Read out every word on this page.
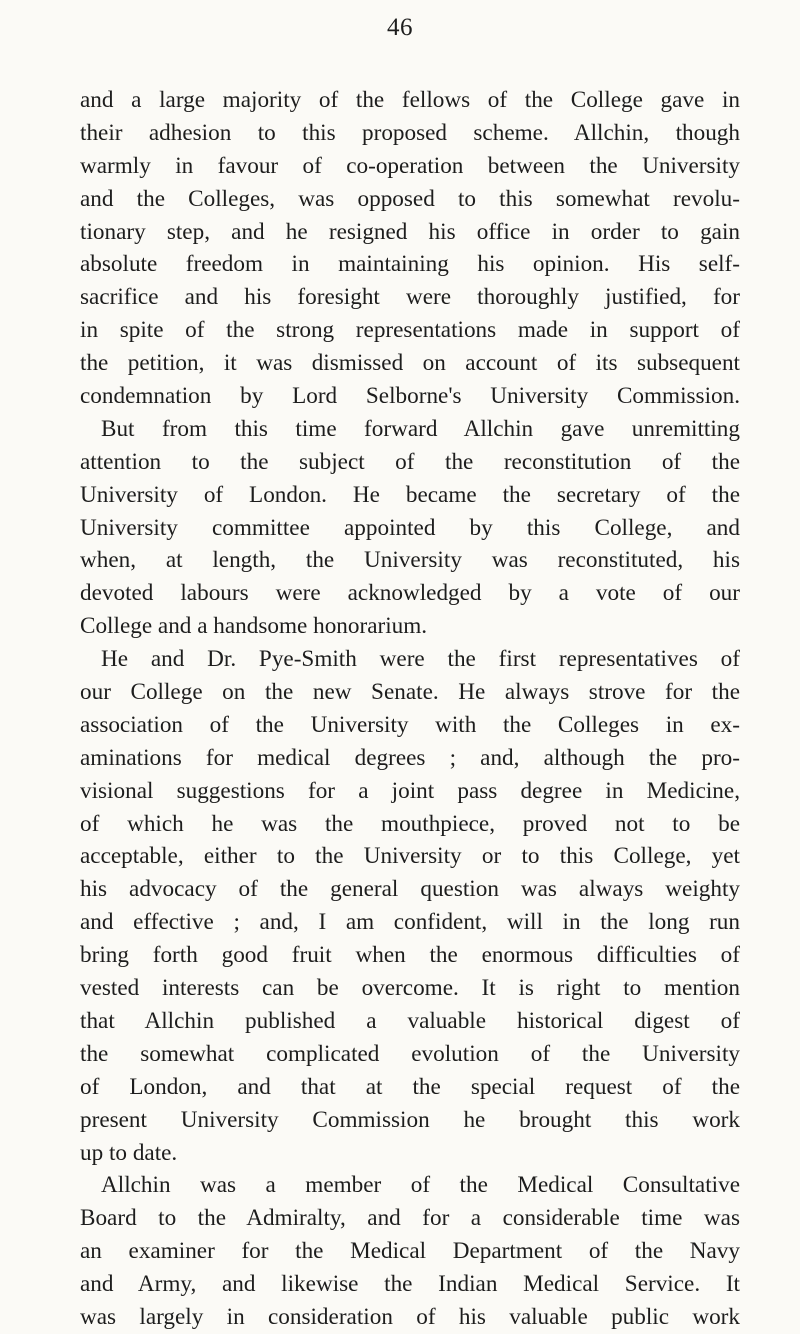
46
and a large majority of the fellows of the College gave in
their adhesion to this proposed scheme. Allchin, though
warmly in favour of co-operation between the University
and the Colleges, was opposed to this somewhat revolu-
tionary step, and he resigned his office in order to gain
absolute freedom in maintaining his opinion. His self-
sacrifice and his foresight were thoroughly justified, for
in spite of the strong representations made in support of
the petition, it was dismissed on account of its subsequent
condemnation by Lord Selborne's University Commission.
But from this time forward Allchin gave unremitting
attention to the subject of the reconstitution of the
University of London. He became the secretary of the
University committee appointed by this College, and
when, at length, the University was reconstituted, his
devoted labours were acknowledged by a vote of our
College and a handsome honorarium.
He and Dr. Pye-Smith were the first representatives of
our College on the new Senate. He always strove for the
association of the University with the Colleges in ex-
aminations for medical degrees ; and, although the pro-
visional suggestions for a joint pass degree in Medicine,
of which he was the mouthpiece, proved not to be
acceptable, either to the University or to this College, yet
his advocacy of the general question was always weighty
and effective ; and, I am confident, will in the long run
bring forth good fruit when the enormous difficulties of
vested interests can be overcome. It is right to mention
that Allchin published a valuable historical digest of
the somewhat complicated evolution of the University
of London, and that at the special request of the
present University Commission he brought this work
up to date.
Allchin was a member of the Medical Consultative
Board to the Admiralty, and for a considerable time was
an examiner for the Medical Department of the Navy
and Army, and likewise the Indian Medical Service. It
was largely in consideration of his valuable public work
